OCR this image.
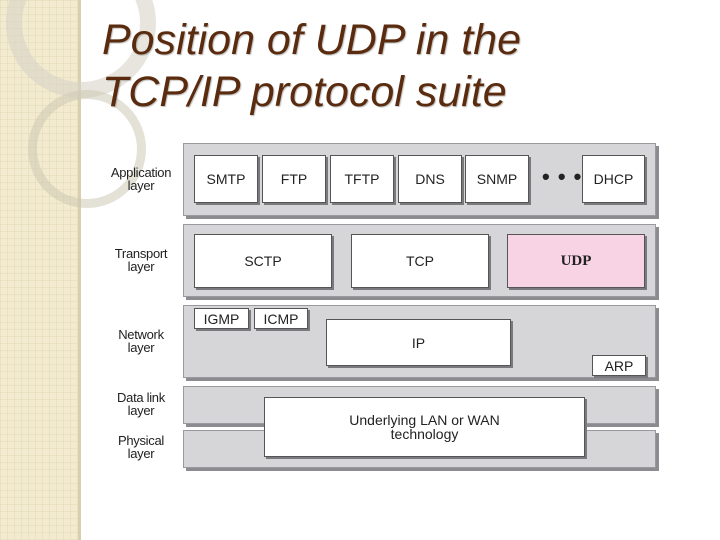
Position of UDP in the
TCP/IP protocol suite
Application
layer
Transport
layer
Network
layer
Data link
layer
Physical
layer
SMTP	FTP	TFTP	DNS	SNMP	• • • DHCP
SCTP	TCP	UDP
IGMP	ICMP
IP
ARP
Underlying LAN or WAN
technology
